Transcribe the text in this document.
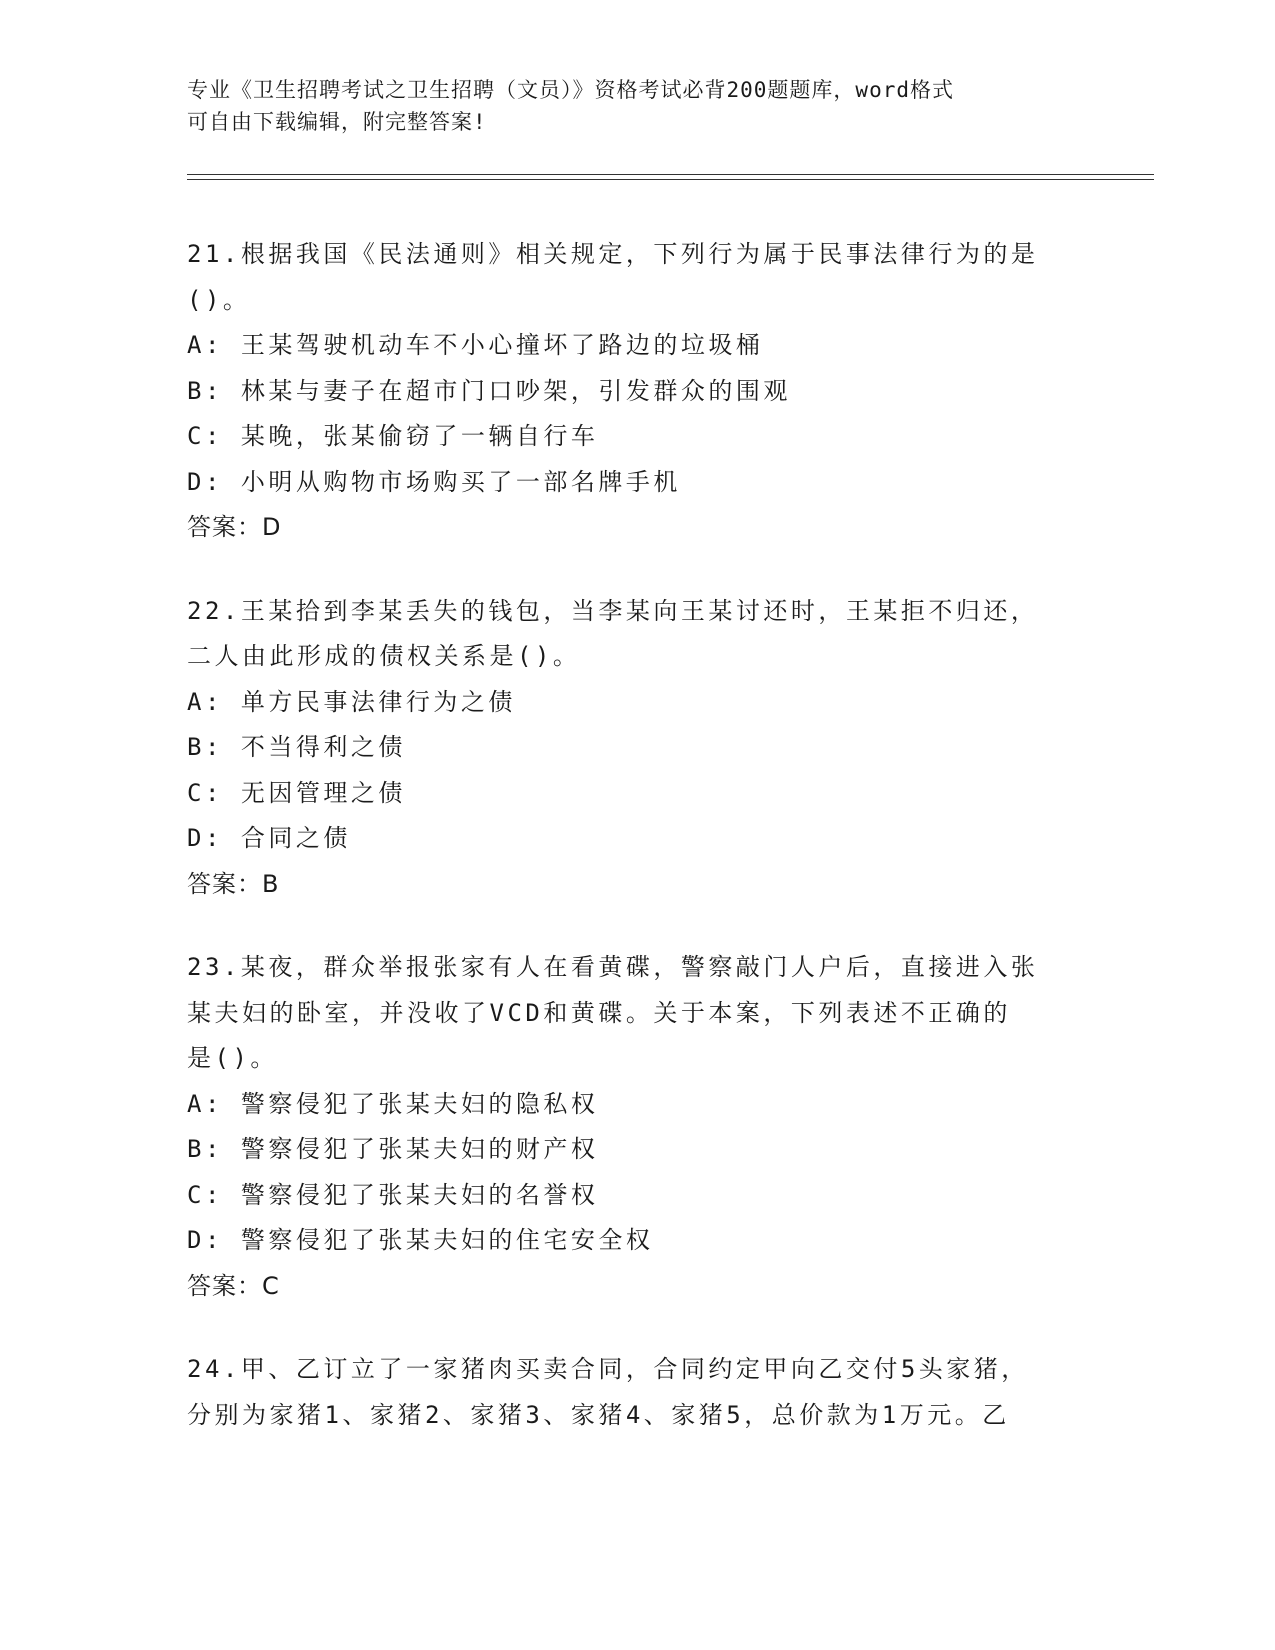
专业《卫生招聘考试之卫生招聘（文员）》资格考试必背200题题库，word格式
可自由下载编辑，附完整答案!
21.根据我国《民法通则》相关规定，下列行为属于民事法律行为的是
()。
A: 王某驾驶机动车不小心撞坏了路边的垃圾桶
B: 林某与妻子在超市门口吵架，引发群众的围观
C: 某晚，张某偷窃了一辆自行车
D: 小明从购物市场购买了一部名牌手机
答案： D
22.王某拾到李某丢失的钱包，当李某向王某讨还时，王某拒不归还，
二人由此形成的债权关系是()。
A: 单方民事法律行为之债
B: 不当得利之债
C: 无因管理之债
D: 合同之债
答案： B
23.某夜，群众举报张家有人在看黄碟，警察敲门人户后，直接进入张
某夫妇的卧室，并没收了VCD和黄碟。关于本案，下列表述不正确的
是()。
A: 警察侵犯了张某夫妇的隐私权
B: 警察侵犯了张某夫妇的财产权
C: 警察侵犯了张某夫妇的名誉权
D: 警察侵犯了张某夫妇的住宅安全权
答案： C
24.甲、乙订立了一家猪肉买卖合同，合同约定甲向乙交付5头家猪，
分别为家猪1、家猪2、家猪3、家猪4、家猪5，总价款为1万元。乙
